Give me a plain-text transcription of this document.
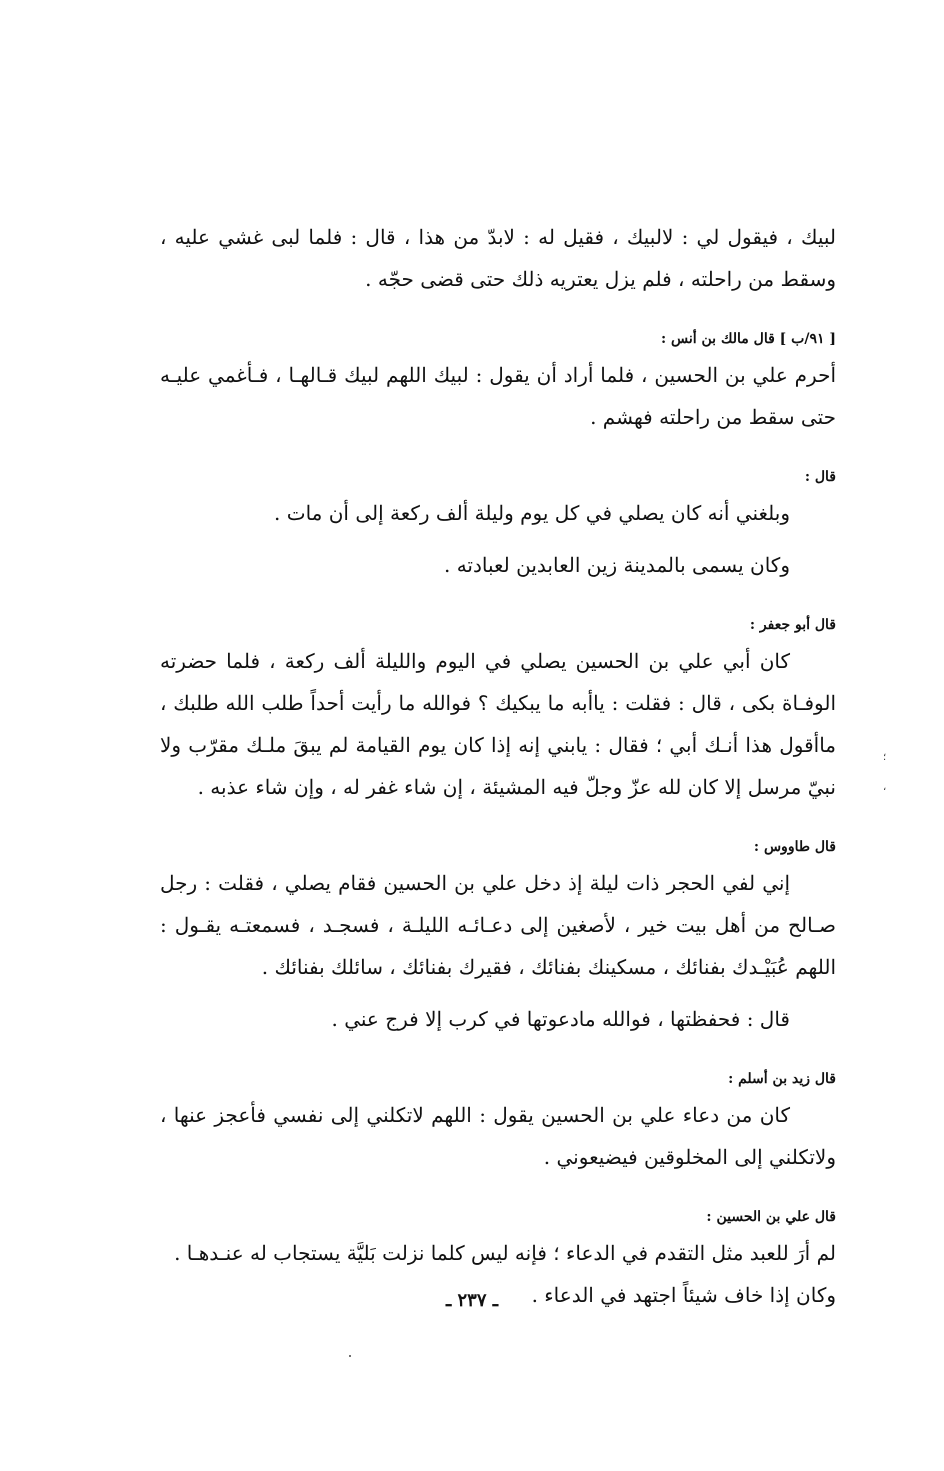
لبيك ، فيقول لي : لالبيك ، فقيل له : لابدّ من هذا ، قال : فلما لبى غشي عليه ، وسقط من راحلته ، فلم يزل يعتريه ذلك حتى قضى حجّه .

[ ٩١/ب ] قال مالك بن أنس :

أحرم علي بن الحسين ، فلما أراد أن يقول : لبيك اللهم لبيك قـالهـا ، فـأغمي عليـه حتى سقط من راحلته فهشم .

قال :

وبلغني أنه كان يصلي في كل يوم وليلة ألف ركعة إلى أن مات .

وكان يسمى بالمدينة زين العابدين لعبادته .

قال أبو جعفر :

كان أبي علي بن الحسين يصلي في اليوم والليلة ألف ركعة ، فلما حضرته الوفـاة بكى ، قال : فقلت : ياأبه ما يبكيك ؟ فوالله ما رأيت أحداً طلب الله طلبك ، ماأقول هذا أنـك أبي ؛ فقال : يابني إنه إذا كان يوم القيامة لم يبقَ ملـك مقرّب ولا نبيّ مرسل إلا كان لله عزّ وجلّ فيه المشيئة ، إن شاء غفر له ، وإن شاء عذبه .

قال طاووس :

إني لفي الحجر ذات ليلة إذ دخل علي بن الحسين فقام يصلي ، فقلت : رجل صـالح من أهل بيت خير ، لأصغين إلى دعـائـه الليلـة ، فسجـد ، فسمعتـه يقـول : اللهم عُبَيْـدك بفنائك ، مسكينك بفنائك ، فقيرك بفنائك ، سائلك بفنائك .

قال : فحفظتها ، فوالله مادعوتها في كرب إلا فرج عني .

قال زيد بن أسلم :

كان من دعاء علي بن الحسين يقول : اللهم لاتكلني إلى نفسي فأعجز عنها ، ولاتكلني إلى المخلوقين فيضيعوني .

قال علي بن الحسين :

لم أرَ للعبد مثل التقدم في الدعاء ؛ فإنه ليس كلما نزلت بَليَّة يستجاب له عنـدهـا .

وكان إذا خاف شيئاً اجتهد في الدعاء .

؛
،
ـ ٢٣٧ ـ
